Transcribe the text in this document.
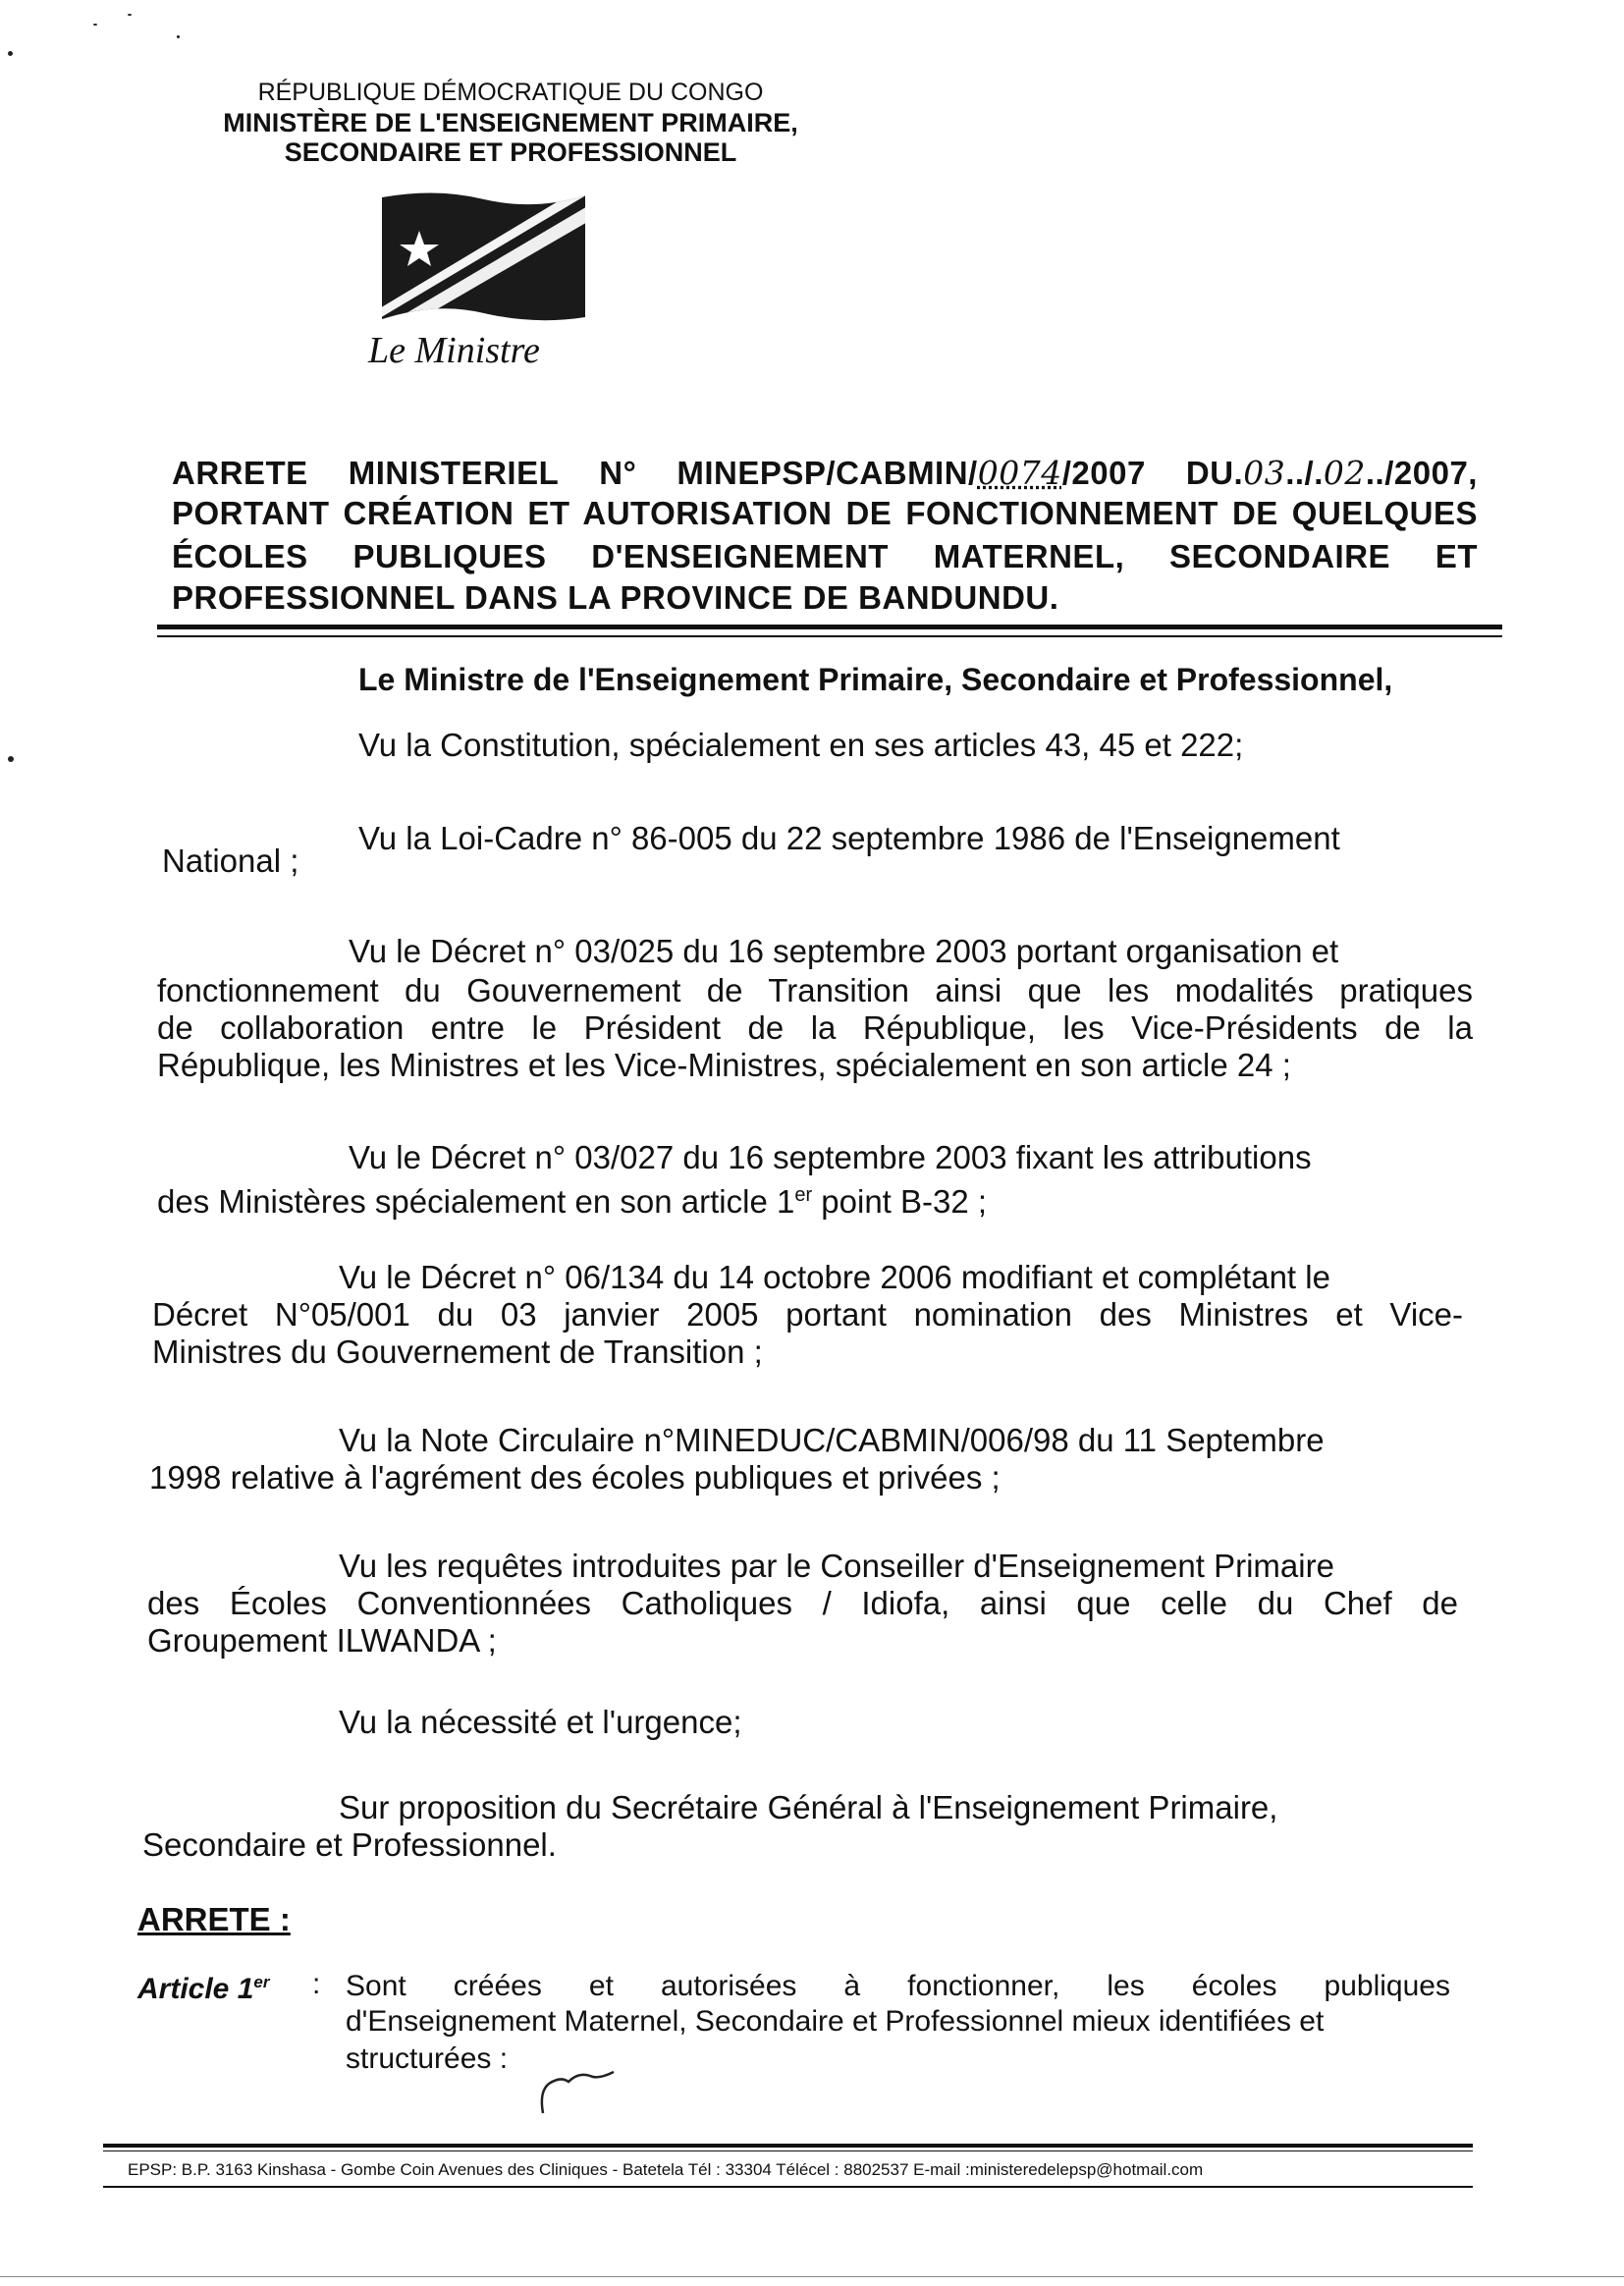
RÉPUBLIQUE DÉMOCRATIQUE DU CONGO
MINISTÈRE DE L'ENSEIGNEMENT PRIMAIRE,
SECONDAIRE ET PROFESSIONNEL
Le Ministre
ARRETE MINISTERIEL N° MINEPSP/CABMIN/0074/2007 DU.03../.02../2007,
PORTANT CRÉATION ET AUTORISATION DE FONCTIONNEMENT DE QUELQUES
ÉCOLES PUBLIQUES D'ENSEIGNEMENT MATERNEL, SECONDAIRE ET
PROFESSIONNEL DANS LA PROVINCE DE BANDUNDU.
Le Ministre de l'Enseignement Primaire, Secondaire et Professionnel,
Vu la Constitution, spécialement en ses articles 43, 45 et 222;
Vu la Loi-Cadre n° 86-005 du 22 septembre 1986 de l'Enseignement
National ;
Vu le Décret n° 03/025 du 16 septembre 2003 portant organisation et
fonctionnement du Gouvernement de Transition ainsi que les modalités pratiques
de collaboration entre le Président de la République, les Vice-Présidents de la
République, les Ministres et les Vice-Ministres, spécialement en son article 24 ;
Vu le Décret n° 03/027 du 16 septembre 2003 fixant les attributions
des Ministères spécialement en son article 1er point B-32 ;
Vu le Décret n° 06/134 du 14 octobre 2006 modifiant et complétant le
Décret N°05/001 du 03 janvier 2005 portant nomination des Ministres et Vice-
Ministres du Gouvernement de Transition ;
Vu la Note Circulaire n°MINEDUC/CABMIN/006/98 du 11 Septembre
1998 relative à l'agrément des écoles publiques et privées ;
Vu les requêtes introduites par le Conseiller d'Enseignement Primaire
des Écoles Conventionnées Catholiques / Idiofa, ainsi que celle du Chef de
Groupement ILWANDA ;
Vu la nécessité et l'urgence;
Sur proposition du Secrétaire Général à l'Enseignement Primaire,
Secondaire et Professionnel.
ARRETE :
Article 1er : Sont créées et autorisées à fonctionner, les écoles publiques
d'Enseignement Maternel, Secondaire et Professionnel mieux identifiées et
structurées :
EPSP: B.P. 3163 Kinshasa - Gombe Coin Avenues des Cliniques - Batetela Tél : 33304 Télécel : 8802537 E-mail :ministeredelepsp@hotmail.com
